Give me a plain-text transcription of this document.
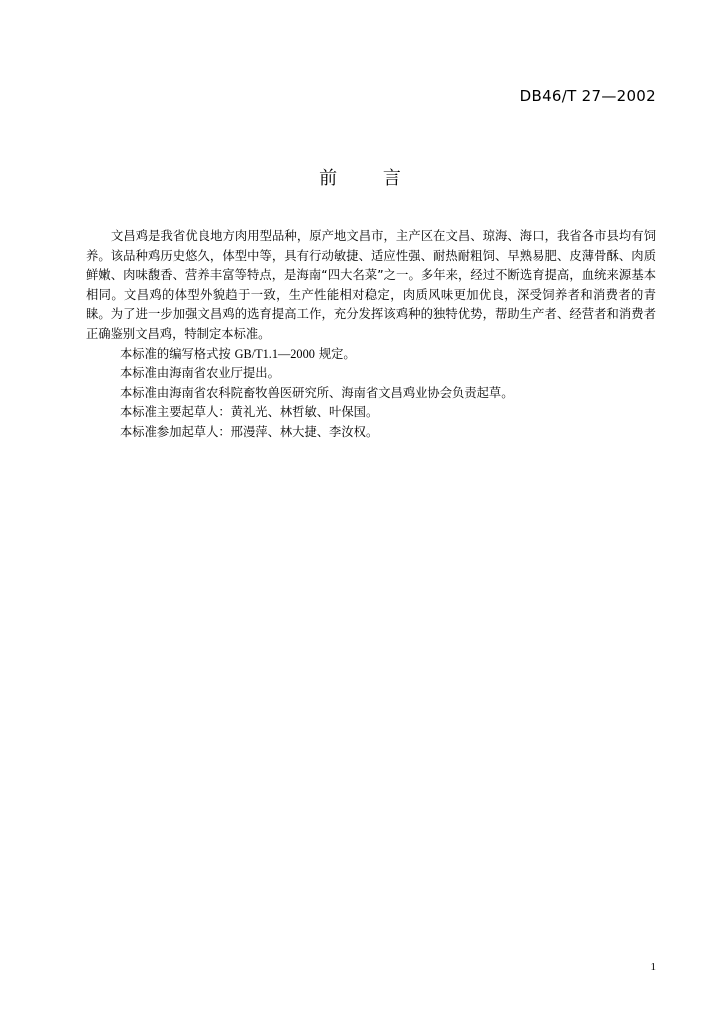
DB46/T 27—2002
前 言

文昌鸡是我省优良地方肉用型品种，原产地文昌市，主产区在文昌、琼海、海口，我省各市县均有饲养。该品种鸡历史悠久，体型中等，具有行动敏捷、适应性强、耐热耐粗饲、早熟易肥、皮薄骨酥、肉质鲜嫩、肉味馥香、营养丰富等特点，是海南“四大名菜”之一。多年来，经过不断选育提高，血统来源基本相同。文昌鸡的体型外貌趋于一致，生产性能相对稳定，肉质风味更加优良，深受饲养者和消费者的青睐。为了进一步加强文昌鸡的选育提高工作，充分发挥该鸡种的独特优势，帮助生产者、经营者和消费者正确鉴别文昌鸡，特制定本标准。

本标准的编写格式按 GB/T1.1—2000 规定。

本标准由海南省农业厅提出。

本标准由海南省农科院畜牧兽医研究所、海南省文昌鸡业协会负责起草。

本标准主要起草人：黄礼光、林哲敏、叶保国。

本标准参加起草人：邢漫萍、林大捷、李汝权。

1
